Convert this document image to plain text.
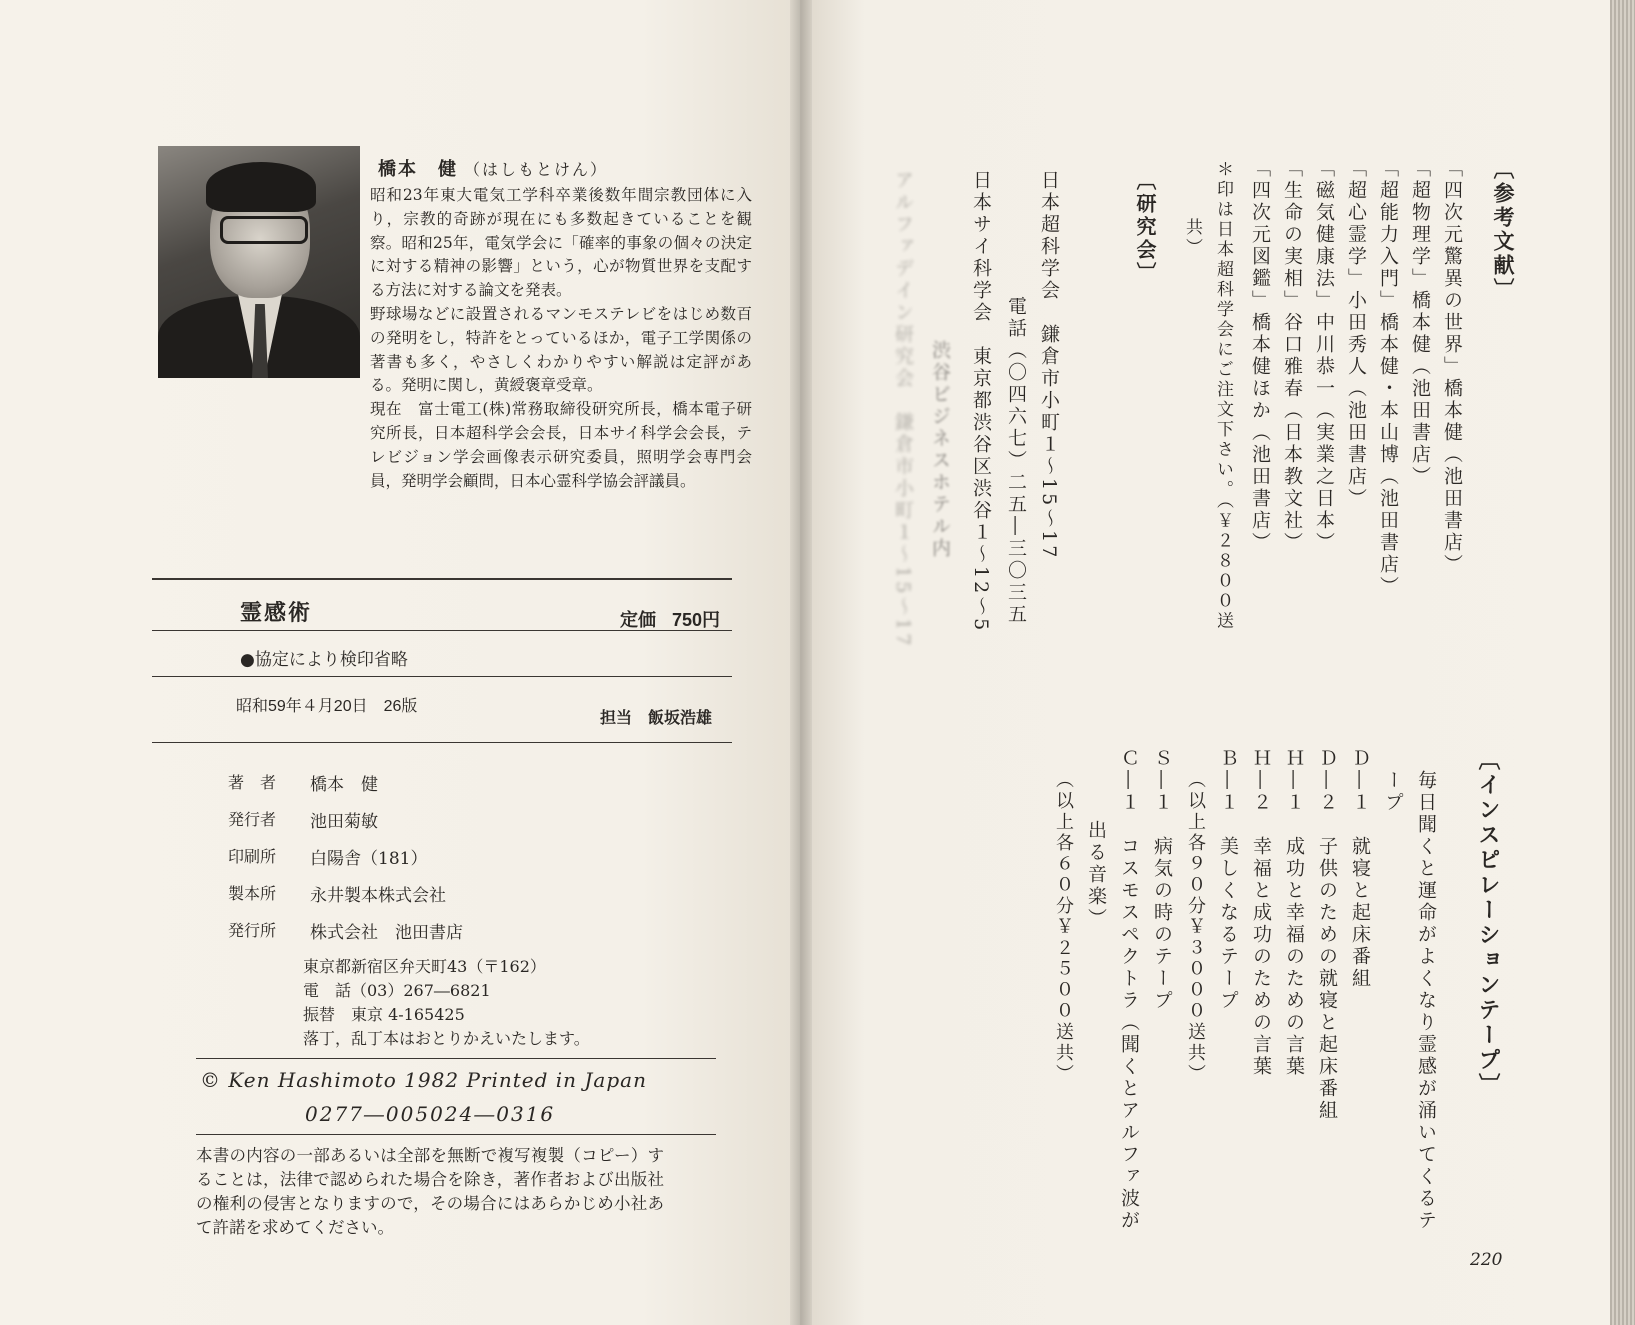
橋本　健 （はしもとけん）

昭和23年東大電気工学科卒業後数年間宗教団体に入り，宗教的奇跡が現在にも多数起きていることを観察。昭和25年，電気学会に「確率的事象の個々の決定に対する精神の影響」という，心が物質世界を支配する方法に対する論文を発表。

野球場などに設置されるマンモステレビをはじめ数百の発明をし，特許をとっているほか，電子工学関係の著書も多く，やさしくわかりやすい解説は定評がある。発明に関し，黄綬褒章受章。

現在　富士電工(株)常務取締役研究所長，橋本電子研究所長，日本超科学会会長，日本サイ科学会会長，テレビジョン学会画像表示研究委員，照明学会専門会員，発明学会顧問，日本心霊科学協会評議員。

霊感術	定価 750円
●協定により検印省略
昭和59年４月20日　26版
担当　飯坂浩雄
著　者	橋本　健
発行者	池田菊敏
印刷所	白陽舎（181）
製本所	永井製本株式会社
発行所	株式会社　池田書店
東京都新宿区弁天町43（〒162）
電　話（03）267―6821
振替　東京 4-165425
落丁，乱丁本はおとりかえいたします。
© Ken Hashimoto 1982 Printed in Japan
0277―005024―0316
本書の内容の一部あるいは全部を無断で複写複製（コピー）することは，法律で認められた場合を除き，著作者および出版社の権利の侵害となりますので，その場合にはあらかじめ小社あて許諾を求めてください。
〔参考文献〕
「四次元驚異の世界」橋本健（池田書店）
「超物理学」橋本健（池田書店）
「超能力入門」橋本健・本山博（池田書店）
「超心霊学」小田秀人（池田書店）
「磁気健康法」中川恭一（実業之日本）
「生命の実相」谷口雅春（日本教文社）
「四次元図鑑」橋本健ほか（池田書店）
＊印は日本超科学会にご注文下さい。（￥２８００送
共）
〔研究会〕
日本超科学会　鎌倉市小町１～15～17
電話（〇四六七）二五―三〇三五
日本サイ科学会　東京都渋谷区渋谷１～12～5
渋谷ビジネスホテル内
アルファデイン研究会　鎌倉市小町１～15～17
〔インスピレーションテープ〕
毎日聞くと運命がよくなり霊感が涌いてくるテ
ープ
Ｄ―１　就寝と起床番組
Ｄ―２　子供のための就寝と起床番組
Ｈ―１　成功と幸福のための言葉
Ｈ―２　幸福と成功のための言葉
Ｂ―１　美しくなるテープ
（以上各９０分￥３０００送共）
Ｓ―１　病気の時のテープ
Ｃ―１　コスモスペクトラ（聞くとアルファ波が
出る音楽）
（以上各６０分￥２５００送共）
220
